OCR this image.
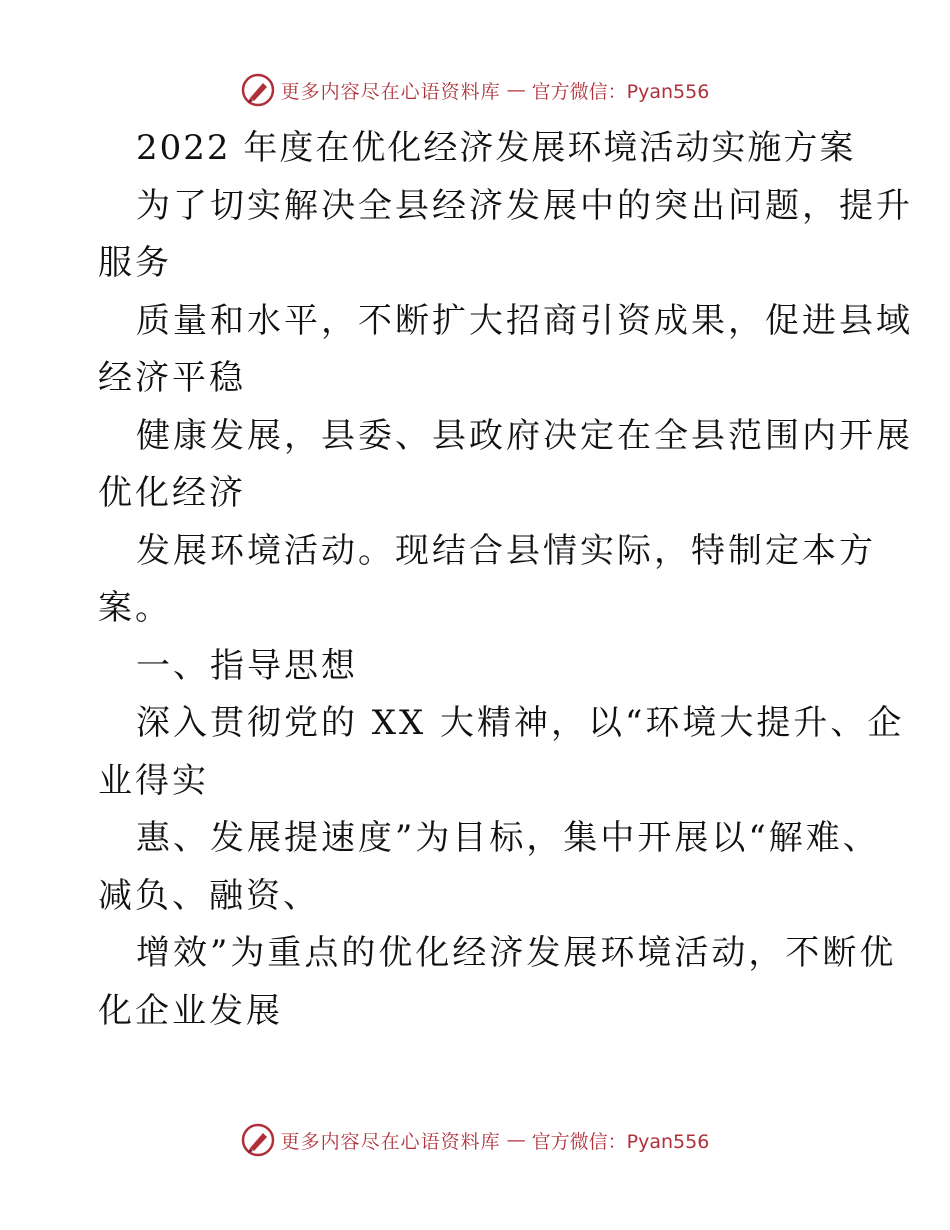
更多内容尽在心语资料库 — 官方微信：Pyan556
2022 年度在优化经济发展环境活动实施方案
为了切实解决全县经济发展中的突出问题，提升
服务
质量和水平，不断扩大招商引资成果，促进县域
经济平稳
健康发展，县委、县政府决定在全县范围内开展
优化经济
发展环境活动。现结合县情实际，特制定本方
案。
一、指导思想
深入贯彻党的 XX 大精神，以“环境大提升、企
业得实
惠、发展提速度”为目标，集中开展以“解难、
减负、融资、
增效”为重点的优化经济发展环境活动，不断优
化企业发展
更多内容尽在心语资料库 — 官方微信：Pyan556
